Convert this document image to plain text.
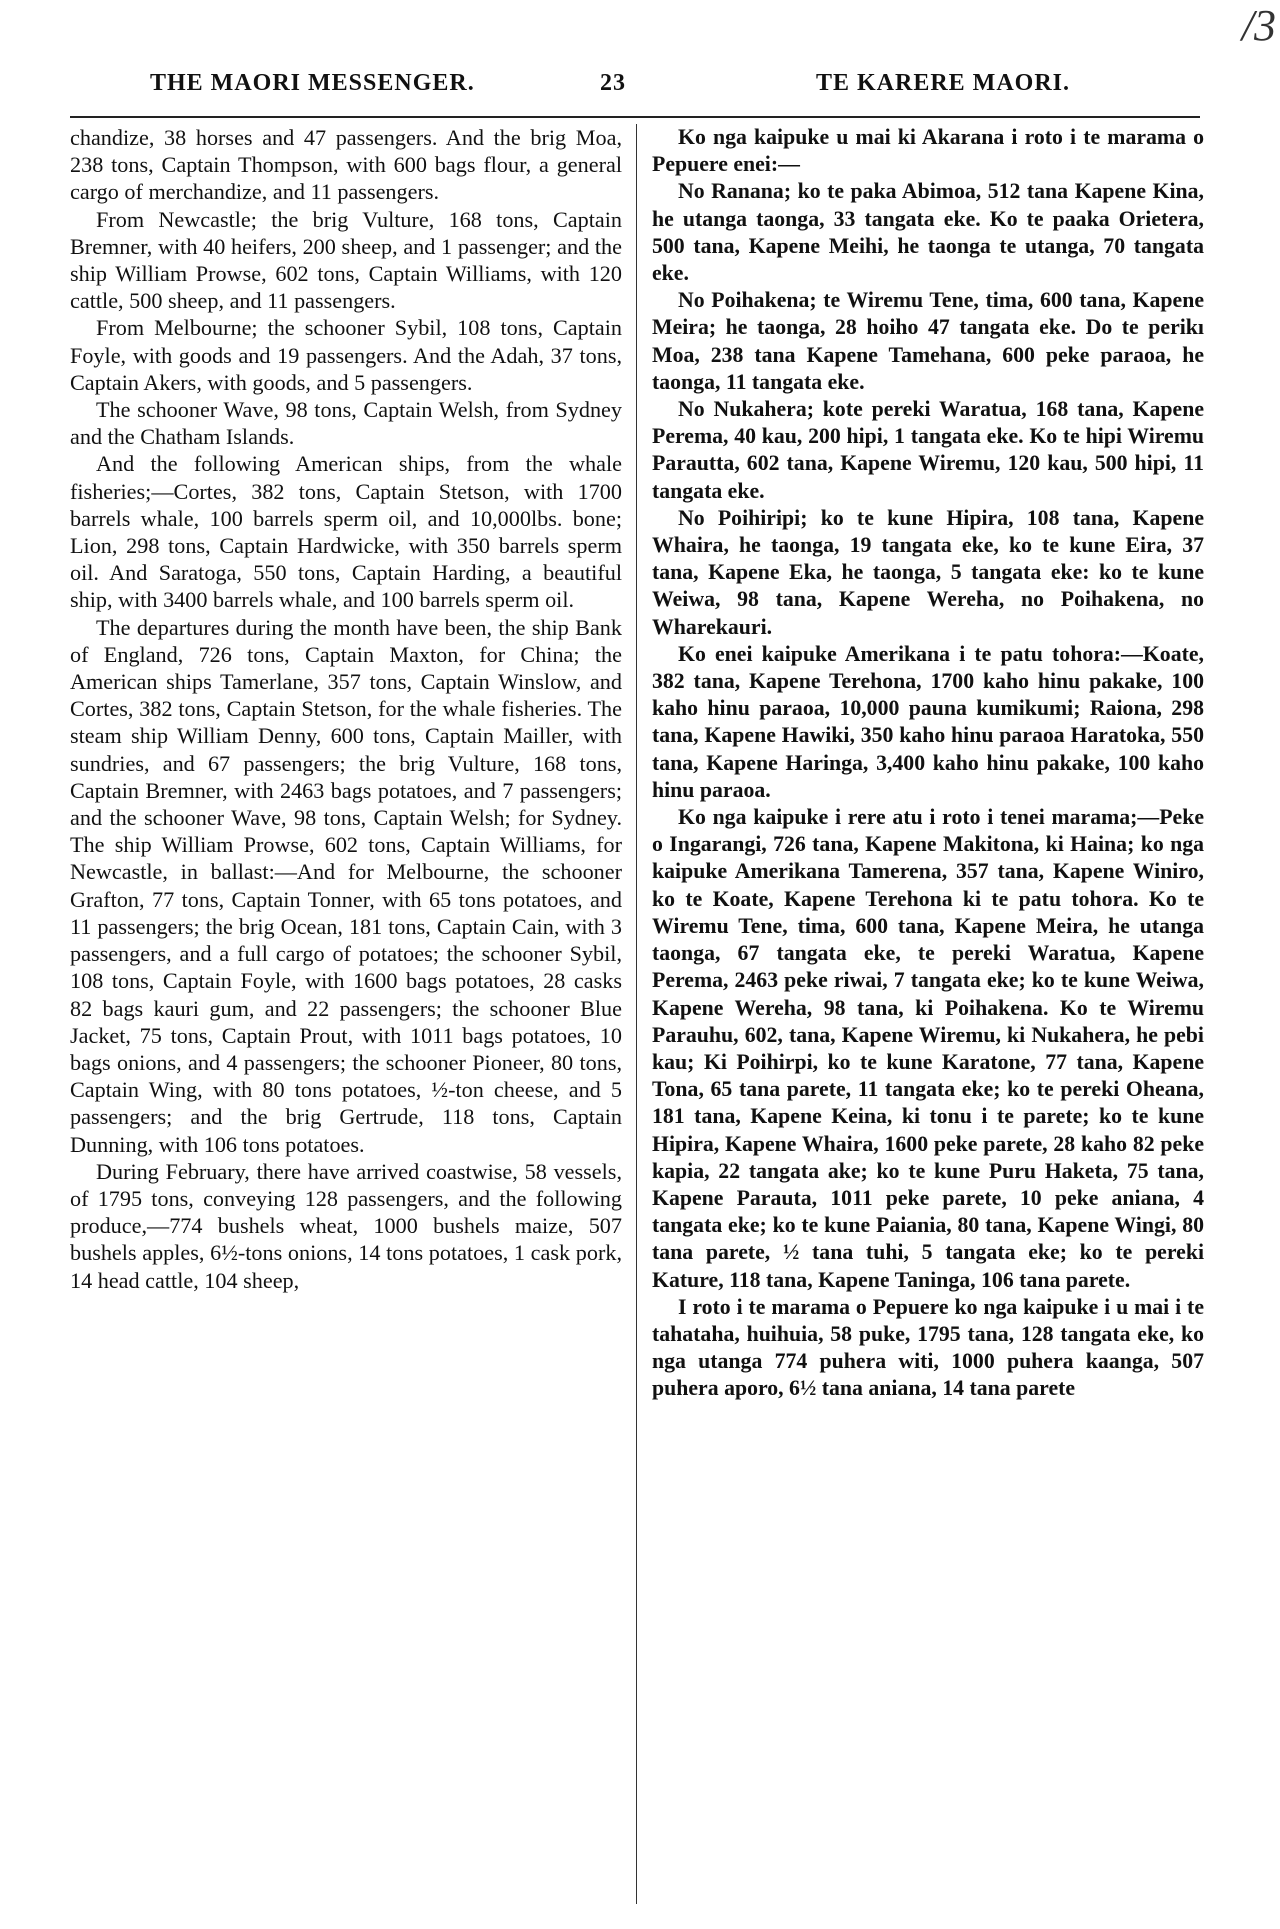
/3
THE MAORI MESSENGER.	23	TE KARERE MAORI.

chandize, 38 horses and 47 passengers. And the brig Moa, 238 tons, Captain Thompson, with 600 bags flour, a general cargo of merchandize, and 11 passengers.

From Newcastle; the brig Vulture, 168 tons, Captain Bremner, with 40 heifers, 200 sheep, and 1 passenger; and the ship William Prowse, 602 tons, Captain Williams, with 120 cattle, 500 sheep, and 11 passengers.

From Melbourne; the schooner Sybil, 108 tons, Captain Foyle, with goods and 19 passengers. And the Adah, 37 tons, Captain Akers, with goods, and 5 passengers.

The schooner Wave, 98 tons, Captain Welsh, from Sydney and the Chatham Islands.

And the following American ships, from the whale fisheries;—Cortes, 382 tons, Captain Stetson, with 1700 barrels whale, 100 barrels sperm oil, and 10,000lbs. bone; Lion, 298 tons, Captain Hardwicke, with 350 barrels sperm oil. And Saratoga, 550 tons, Captain Harding, a beautiful ship, with 3400 barrels whale, and 100 barrels sperm oil.

The departures during the month have been, the ship Bank of England, 726 tons, Captain Maxton, for China; the American ships Tamerlane, 357 tons, Captain Winslow, and Cortes, 382 tons, Captain Stetson, for the whale fisheries. The steam ship William Denny, 600 tons, Captain Mailler, with sundries, and 67 passengers; the brig Vulture, 168 tons, Captain Bremner, with 2463 bags potatoes, and 7 passengers; and the schooner Wave, 98 tons, Captain Welsh; for Sydney. The ship William Prowse, 602 tons, Captain Williams, for Newcastle, in ballast:—And for Melbourne, the schooner Grafton, 77 tons, Captain Tonner, with 65 tons potatoes, and 11 passengers; the brig Ocean, 181 tons, Captain Cain, with 3 passengers, and a full cargo of potatoes; the schooner Sybil, 108 tons, Captain Foyle, with 1600 bags potatoes, 28 casks 82 bags kauri gum, and 22 passengers; the schooner Blue Jacket, 75 tons, Captain Prout, with 1011 bags potatoes, 10 bags onions, and 4 passengers; the schooner Pioneer, 80 tons, Captain Wing, with 80 tons potatoes, ½-ton cheese, and 5 passengers; and the brig Gertrude, 118 tons, Captain Dunning, with 106 tons potatoes.

During February, there have arrived coastwise, 58 vessels, of 1795 tons, conveying 128 passengers, and the following produce,—774 bushels wheat, 1000 bushels maize, 507 bushels apples, 6½-tons onions, 14 tons potatoes, 1 cask pork, 14 head cattle, 104 sheep,

Ko nga kaipuke u mai ki Akarana i roto i te marama o Pepuere enei:—

No Ranana; ko te paka Abimoa, 512 tana Kapene Kina, he utanga taonga, 33 tangata eke. Ko te paaka Orietera, 500 tana, Kapene Meihi, he taonga te utanga, 70 tangata eke.

No Poihakena; te Wiremu Tene, tima, 600 tana, Kapene Meira; he taonga, 28 hoiho 47 tangata eke. Do te perikı Moa, 238 tana Kapene Tamehana, 600 peke paraoa, he taonga, 11 tangata eke.

No Nukahera; kote pereki Waratua, 168 tana, Kapene Perema, 40 kau, 200 hipi, 1 tangata eke. Ko te hipi Wiremu Parautta, 602 tana, Kapene Wiremu, 120 kau, 500 hipi, 11 tangata eke.

No Poihiripi; ko te kune Hipira, 108 tana, Kapene Whaira, he taonga, 19 tangata eke, ko te kune Eira, 37 tana, Kapene Eka, he taonga, 5 tangata eke: ko te kune Weiwa, 98 tana, Kapene Wereha, no Poihakena, no Wharekauri.

Ko enei kaipuke Amerikana i te patu tohora:—Koate, 382 tana, Kapene Terehona, 1700 kaho hinu pakake, 100 kaho hinu paraoa, 10,000 pauna kumikumi; Raiona, 298 tana, Kapene Hawiki, 350 kaho hinu paraoa Haratoka, 550 tana, Kapene Haringa, 3,400 kaho hinu pakake, 100 kaho hinu paraoa.

Ko nga kaipuke i rere atu i roto i tenei marama;—Peke o Ingarangi, 726 tana, Kapene Makitona, ki Haina; ko nga kaipuke Amerikana Tamerena, 357 tana, Kapene Winiro, ko te Koate, Kapene Terehona ki te patu tohora. Ko te Wiremu Tene, tima, 600 tana, Kapene Meira, he utanga taonga, 67 tangata eke, te pereki Waratua, Kapene Perema, 2463 peke riwai, 7 tangata eke; ko te kune Weiwa, Kapene Wereha, 98 tana, ki Poihakena. Ko te Wiremu Parauhu, 602, tana, Kapene Wiremu, ki Nukahera, he pebi kau; Ki Poihirpi, ko te kune Karatone, 77 tana, Kapene Tona, 65 tana parete, 11 tangata eke; ko te pereki Oheana, 181 tana, Kapene Keina, ki tonu i te parete; ko te kune Hipira, Kapene Whaira, 1600 peke parete, 28 kaho 82 peke kapia, 22 tangata ake; ko te kune Puru Haketa, 75 tana, Kapene Parauta, 1011 peke parete, 10 peke aniana, 4 tangata eke; ko te kune Paiania, 80 tana, Kapene Wingi, 80 tana parete, ½ tana tuhi, 5 tangata eke; ko te pereki Kature, 118 tana, Kapene Taninga, 106 tana parete.

I roto i te marama o Pepuere ko nga kaipuke i u mai i te tahataha, huihuia, 58 puke, 1795 tana, 128 tangata eke, ko nga utanga 774 puhera witi, 1000 puhera kaanga, 507 puhera aporo, 6½ tana aniana, 14 tana parete
